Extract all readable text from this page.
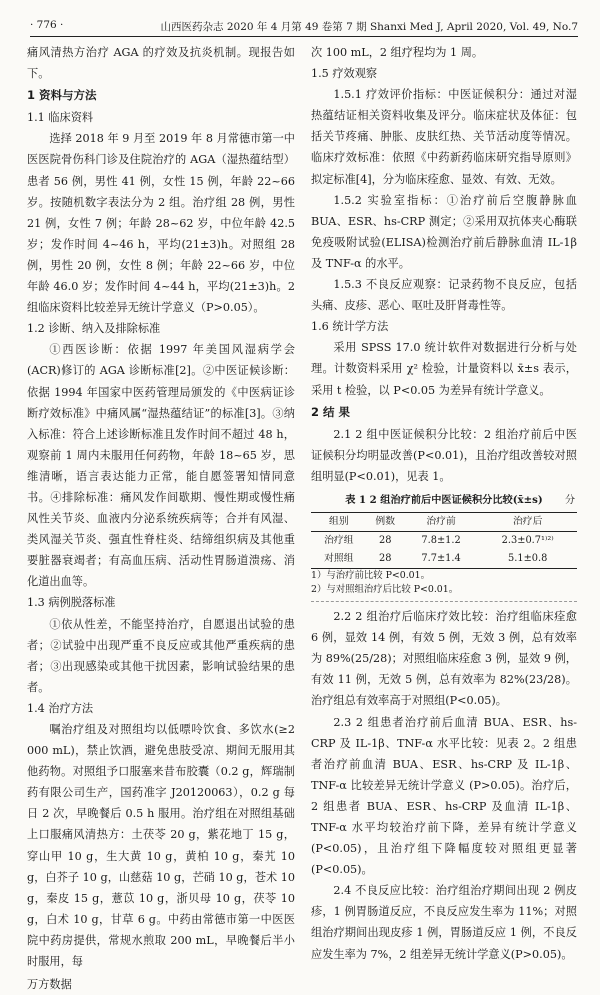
· 776 ·	山西医药杂志 2020 年 4 月第 49 卷第 7 期 Shanxi Med J, April 2020, Vol. 49, No.7

痛风清热方治疗 AGA 的疗效及抗炎机制。现报告如下。

1 资料与方法

1.1 临床资料

选择 2018 年 9 月至 2019 年 8 月常德市第一中医医院骨伤科门诊及住院治疗的 AGA（湿热蕴结型）患者 56 例，男性 41 例，女性 15 例，年龄 22~66 岁。按随机数字表法分为 2 组。治疗组 28 例，男性 21 例，女性 7 例；年龄 28~62 岁，中位年龄 42.5 岁；发作时间 4~46 h，平均(21±3)h。对照组 28 例，男性 20 例，女性 8 例；年龄 22~66 岁，中位年龄 46.0 岁；发作时间 4~44 h，平均(21±3)h。2 组临床资料比较差异无统计学意义（P>0.05）。

1.2 诊断、纳入及排除标准

①西医诊断：依据 1997 年美国风湿病学会(ACR)修订的 AGA 诊断标准[2]。②中医证候诊断：依据 1994 年国家中医药管理局颁发的《中医病证诊断疗效标准》中痛风属“湿热蕴结证”的标准[3]。③纳入标准：符合上述诊断标准且发作时间不超过 48 h，观察前 1 周内未服用任何药物，年龄 18~65 岁，思维清晰，语言表达能力正常，能自愿签署知情同意书。④排除标准：痛风发作间歇期、慢性期或慢性痛风性关节炎、血液内分泌系统疾病等；合并有风湿、类风湿关节炎、强直性脊柱炎、结缔组织病及其他重要脏器衰竭者；有高血压病、活动性胃肠道溃疡、消化道出血等。

1.3 病例脱落标准

①依从性差，不能坚持治疗，自愿退出试验的患者；②试验中出现严重不良反应或其他严重疾病的患者；③出现感染或其他干扰因素，影响试验结果的患者。

1.4 治疗方法

嘱治疗组及对照组均以低嘌呤饮食、多饮水(≥2 000 mL)，禁止饮酒，避免患肢受凉、期间无服用其他药物。对照组予口服塞来昔布胶囊（0.2 g，辉瑞制药有限公司生产，国药准字 J20120063），0.2 g 每日 2 次，早晚餐后 0.5 h 服用。治疗组在对照组基础上口服痛风清热方：土茯苓 20 g，紫花地丁 15 g，穿山甲 10 g，生大黄 10 g，黄柏 10 g，秦艽 10 g，白芥子 10 g，山慈菇 10 g，芒硝 10 g，苍术 10 g，秦皮 15 g，薏苡 10 g，浙贝母 10 g，茯苓 10 g，白术 10 g，甘草 6 g。中药由常德市第一中医医院中药房提供，常规水煎取 200 mL，早晚餐后半小时服用，每

万方数据

次 100 mL，2 组疗程均为 1 周。

1.5 疗效观察

1.5.1 疗效评价指标：中医证候积分：通过对湿热蕴结证相关资料收集及评分。临床症状及体征：包括关节疼痛、肿胀、皮肤红热、关节活动度等情况。临床疗效标准：依照《中药新药临床研究指导原则》拟定标准[4]，分为临床痊愈、显效、有效、无效。

1.5.2 实验室指标：①治疗前后空腹静脉血 BUA、ESR、hs-CRP 测定；②采用双抗体夹心酶联免疫吸附试验(ELISA)检测治疗前后静脉血清 IL-1β 及 TNF-α 的水平。

1.5.3 不良反应观察：记录药物不良反应，包括头痛、皮疹、恶心、呕吐及肝肾毒性等。

1.6 统计学方法

采用 SPSS 17.0 统计软件对数据进行分析与处理。计数资料采用 χ² 检验，计量资料以 x̄±s 表示，采用 t 检验，以 P<0.05 为差异有统计学意义。

2 结 果

2.1 2 组中医证候积分比较：2 组治疗前后中医证候积分均明显改善(P<0.01)，且治疗组改善较对照组明显(P<0.01)，见表 1。

表 1 2 组治疗前后中医证候积分比较(x̄±s) 分
组别	例数	治疗前	治疗后
治疗组	28	7.8±1.2	2.3±0.7¹⁾²⁾
对照组	28	7.7±1.4	5.1±0.8
1）与治疗前比较 P<0.01。
2）与对照组治疗后比较 P<0.01。

2.2 2 组治疗后临床疗效比较：治疗组临床痊愈 6 例，显效 14 例，有效 5 例，无效 3 例，总有效率为 89%(25/28)；对照组临床痊愈 3 例，显效 9 例，有效 11 例，无效 5 例，总有效率为 82%(23/28)。治疗组总有效率高于对照组(P<0.05)。

2.3 2 组患者治疗前后血清 BUA、ESR、hs-CRP 及 IL-1β、TNF-α 水平比较：见表 2。2 组患者治疗前血清 BUA、ESR、hs-CRP 及 IL-1β、TNF-α 比较差异无统计学意义 (P>0.05)。治疗后，2 组患者 BUA、ESR、hs-CRP 及血清 IL-1β、TNF-α 水平均较治疗前下降，差异有统计学意义(P<0.05)，且治疗组下降幅度较对照组更显著(P<0.05)。

2.4 不良反应比较：治疗组治疗期间出现 2 例皮疹，1 例胃肠道反应，不良反应发生率为 11%；对照组治疗期间出现皮疹 1 例，胃肠道反应 1 例，不良反应发生率为 7%，2 组差异无统计学意义(P>0.05)。
